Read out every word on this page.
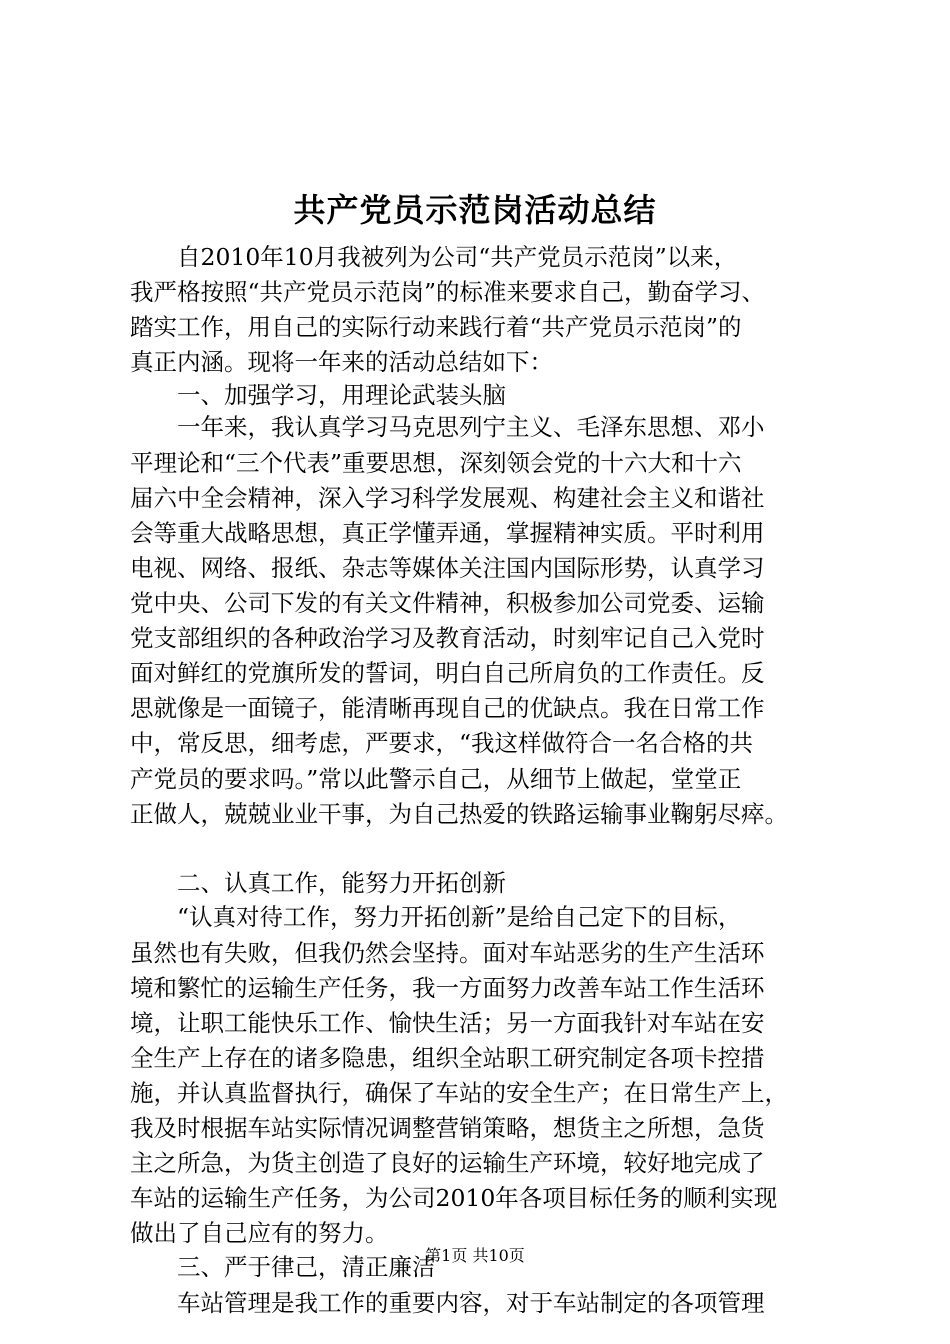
共产党员示范岗活动总结
　　自2010年10月我被列为公司“共产党员示范岗”以来，
我严格按照“共产党员示范岗”的标准来要求自己，勤奋学习、
踏实工作，用自己的实际行动来践行着“共产党员示范岗”的
真正内涵。现将一年来的活动总结如下：
　　一、加强学习，用理论武装头脑
　　一年来，我认真学习马克思列宁主义、毛泽东思想、邓小
平理论和“三个代表”重要思想，深刻领会党的十六大和十六
届六中全会精神，深入学习科学发展观、构建社会主义和谐社
会等重大战略思想，真正学懂弄通，掌握精神实质。平时利用
电视、网络、报纸、杂志等媒体关注国内国际形势，认真学习
党中央、公司下发的有关文件精神，积极参加公司党委、运输
党支部组织的各种政治学习及教育活动，时刻牢记自己入党时
面对鲜红的党旗所发的誓词，明白自己所肩负的工作责任。反
思就像是一面镜子，能清晰再现自己的优缺点。我在日常工作
中，常反思，细考虑，严要求，“我这样做符合一名合格的共
产党员的要求吗。”常以此警示自己，从细节上做起，堂堂正
正做人，兢兢业业干事，为自己热爱的铁路运输事业鞠躬尽瘁。
　　二、认真工作，能努力开拓创新
　　“认真对待工作，努力开拓创新”是给自己定下的目标，
虽然也有失败，但我仍然会坚持。面对车站恶劣的生产生活环
境和繁忙的运输生产任务，我一方面努力改善车站工作生活环
境，让职工能快乐工作、愉快生活；另一方面我针对车站在安
全生产上存在的诸多隐患，组织全站职工研究制定各项卡控措
施，并认真监督执行，确保了车站的安全生产；在日常生产上，
我及时根据车站实际情况调整营销策略，想货主之所想，急货
主之所急，为货主创造了良好的运输生产环境，较好地完成了
车站的运输生产任务，为公司2010年各项目标任务的顺利实现
做出了自己应有的努力。
　　三、严于律己，清正廉洁
　　车站管理是我工作的重要内容，对于车站制定的各项管理
第1页 共10页
